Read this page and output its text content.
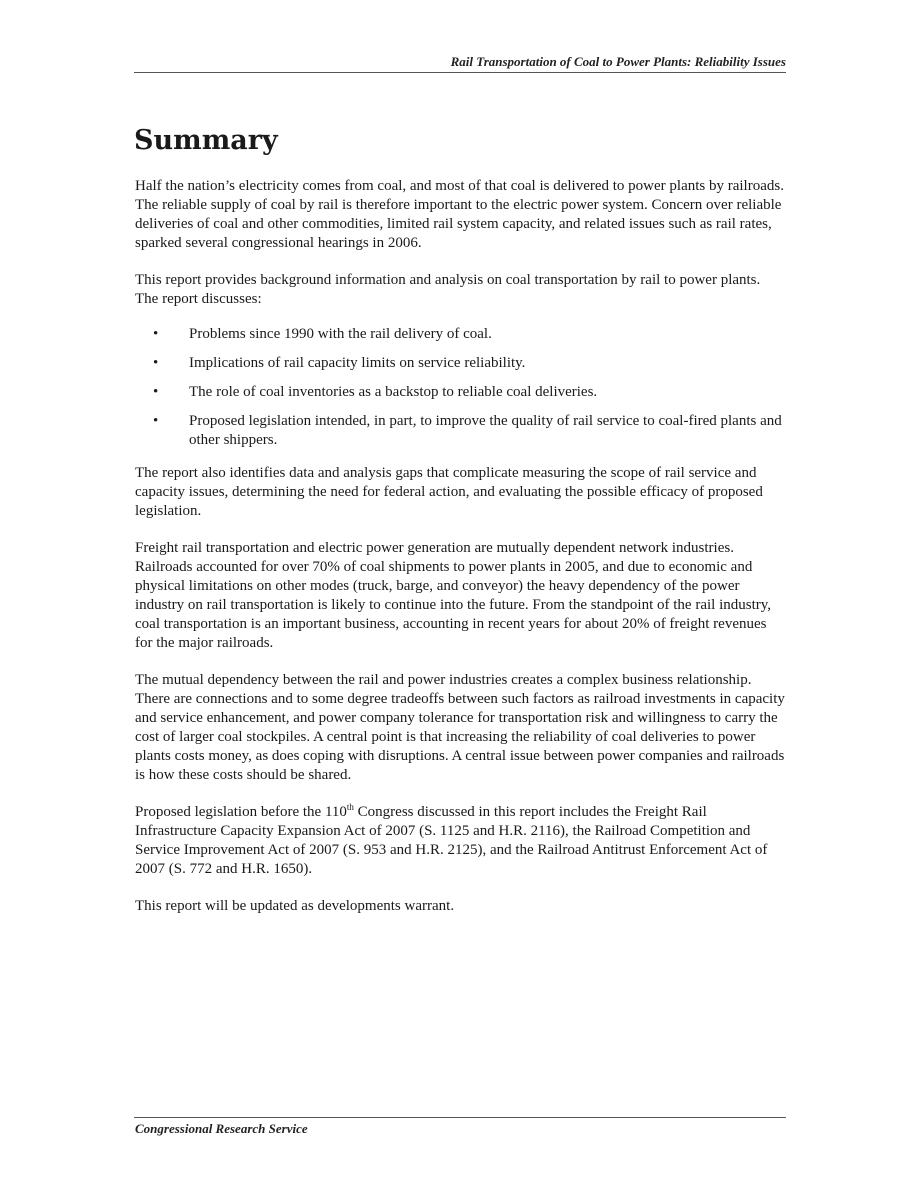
Rail Transportation of Coal to Power Plants: Reliability Issues
Summary

Half the nation’s electricity comes from coal, and most of that coal is delivered to power plants by railroads. The reliable supply of coal by rail is therefore important to the electric power system. Concern over reliable deliveries of coal and other commodities, limited rail system capacity, and related issues such as rail rates, sparked several congressional hearings in 2006.

This report provides background information and analysis on coal transportation by rail to power plants. The report discusses:

• Problems since 1990 with the rail delivery of coal.
• Implications of rail capacity limits on service reliability.
• The role of coal inventories as a backstop to reliable coal deliveries.
• Proposed legislation intended, in part, to improve the quality of rail service to coal-fired plants and other shippers.

The report also identifies data and analysis gaps that complicate measuring the scope of rail service and capacity issues, determining the need for federal action, and evaluating the possible efficacy of proposed legislation.

Freight rail transportation and electric power generation are mutually dependent network industries. Railroads accounted for over 70% of coal shipments to power plants in 2005, and due to economic and physical limitations on other modes (truck, barge, and conveyor) the heavy dependency of the power industry on rail transportation is likely to continue into the future. From the standpoint of the rail industry, coal transportation is an important business, accounting in recent years for about 20% of freight revenues for the major railroads.

The mutual dependency between the rail and power industries creates a complex business relationship. There are connections and to some degree tradeoffs between such factors as railroad investments in capacity and service enhancement, and power company tolerance for transportation risk and willingness to carry the cost of larger coal stockpiles. A central point is that increasing the reliability of coal deliveries to power plants costs money, as does coping with disruptions. A central issue between power companies and railroads is how these costs should be shared.

Proposed legislation before the 110th Congress discussed in this report includes the Freight Rail Infrastructure Capacity Expansion Act of 2007 (S. 1125 and H.R. 2116), the Railroad Competition and Service Improvement Act of 2007 (S. 953 and H.R. 2125), and the Railroad Antitrust Enforcement Act of 2007 (S. 772 and H.R. 1650).

This report will be updated as developments warrant.

Congressional Research Service
